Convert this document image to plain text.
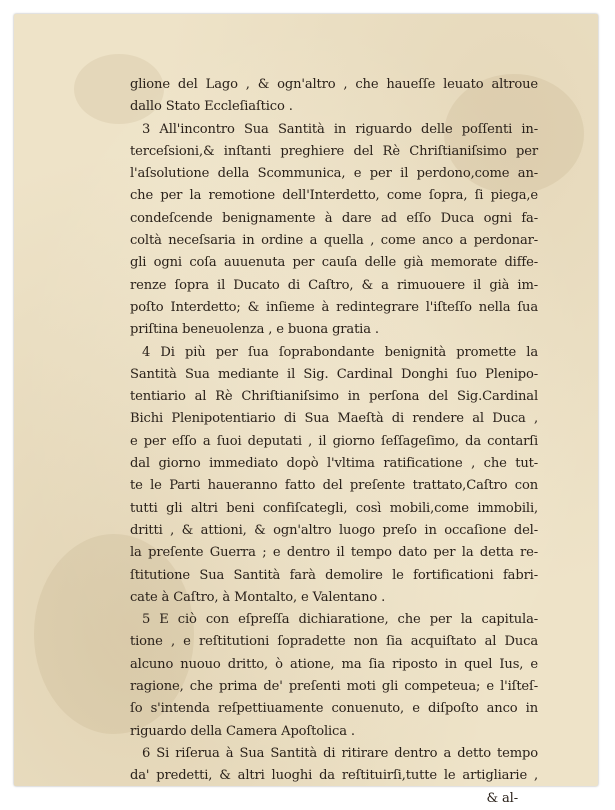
glione del Lago , & ogn'altro , che haueſſe leuato altroue
dallo Stato Eccleſiaſtico .
3 All'incontro Sua Santità in riguardo delle poſſenti in-
terceſsioni,& inſtanti preghiere del Rè Chriſtianiſsimo per
l'aſsolutione della Scommunica, e per il perdono,come an-
che per la remotione dell'Interdetto, come ſopra, ſi piega,e
condeſcende benignamente à dare ad eſſo Duca ogni fa-
coltà neceſsaria in ordine a quella , come anco a perdonar-
gli ogni coſa auuenuta per cauſa delle già memorate diffe-
renze ſopra il Ducato di Caſtro, & a rimuouere il già im-
poſto Interdetto; & inſieme à redintegrare l'iſteſſo nella ſua
priſtina beneuolenza , e buona gratia .
4 Di più per ſua ſoprabondante benignità promette la
Santità Sua mediante il Sig. Cardinal Donghi ſuo Plenipo-
tentiario al Rè Chriſtianiſsimo in perſona del Sig.Cardinal
Bichi Plenipotentiario di Sua Maeſtà di rendere al Duca ,
e per eſſo a ſuoi deputati , il giorno ſeſſageſimo, da contarſi
dal giorno immediato dopò l'vltima ratificatione , che tut-
te le Parti haueranno fatto del preſente trattato,Caſtro con
tutti gli altri beni confiſcategli, così mobili,come immobili,
dritti , & attioni, & ogn'altro luogo preſo in occaſione del-
la preſente Guerra ; e dentro il tempo dato per la detta re-
ſtitutione Sua Santità farà demolire le fortificationi fabri-
cate à Caſtro, à Montalto, e Valentano .
5 E ciò con eſpreſſa dichiaratione, che per la capitula-
tione , e reſtitutioni ſopradette non ſia acquiſtato al Duca
alcuno nuouo dritto, ò atione, ma ſia riposto in quel Ius, e
ragione, che prima de' preſenti moti gli competeua; e l'iſteſ-
ſo s'intenda reſpettiuamente conuenuto, e diſpoſto anco in
riguardo della Camera Apoſtolica .
6 Si riſerua à Sua Santità di ritirare dentro a detto tempo
da' predetti, & altri luoghi da reſtituirſi,tutte le artigliarie ,
& al-
